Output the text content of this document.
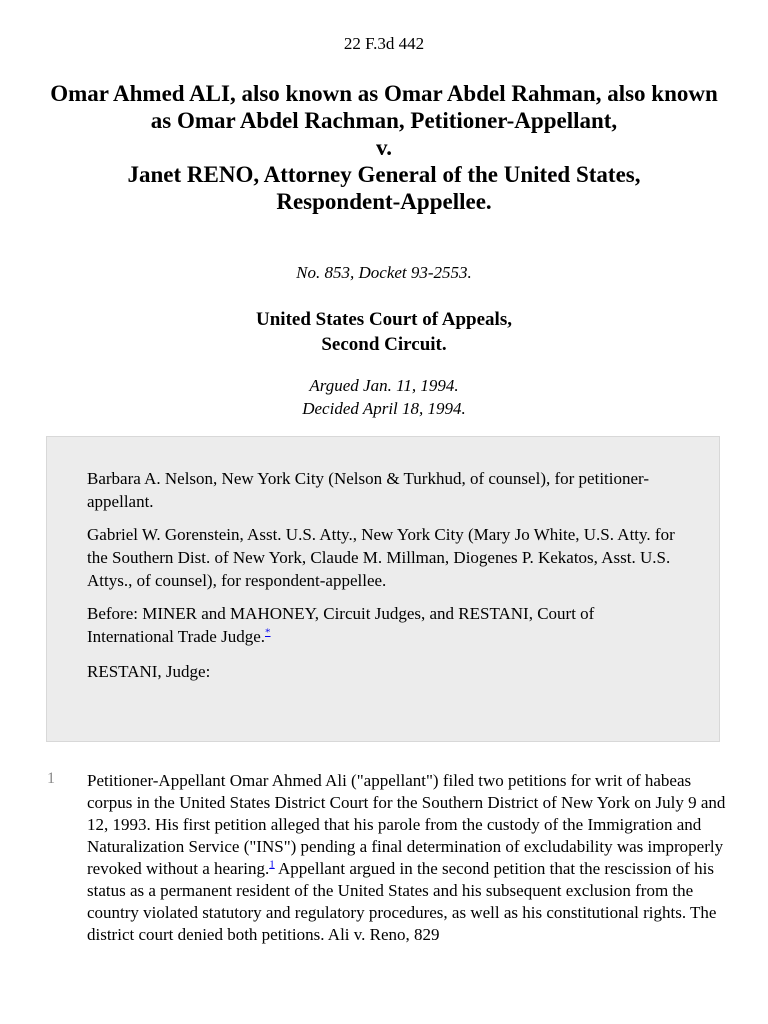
22 F.3d 442
Omar Ahmed ALI, also known as Omar Abdel Rahman, also known
as Omar Abdel Rachman, Petitioner-Appellant,
v.
Janet RENO, Attorney General of the United States,
Respondent-Appellee.
No. 853, Docket 93-2553.
United States Court of Appeals,
Second Circuit.
Argued Jan. 11, 1994.
Decided April 18, 1994.

Barbara A. Nelson, New York City (Nelson & Turkhud, of counsel), for petitioner-appellant.

Gabriel W. Gorenstein, Asst. U.S. Atty., New York City (Mary Jo White, U.S. Atty. for the Southern Dist. of New York, Claude M. Millman, Diogenes P. Kekatos, Asst. U.S. Attys., of counsel), for respondent-appellee.

Before: MINER and MAHONEY, Circuit Judges, and RESTANI, Court of International Trade Judge.*

RESTANI, Judge:

1 Petitioner-Appellant Omar Ahmed Ali ("appellant") filed two petitions for writ of habeas corpus in the United States District Court for the Southern District of New York on July 9 and 12, 1993. His first petition alleged that his parole from the custody of the Immigration and Naturalization Service ("INS") pending a final determination of excludability was improperly revoked without a hearing.$^1$ Appellant argued in the second petition that the rescission of his status as a permanent resident of the United States and his subsequent exclusion from the country violated statutory and regulatory procedures, as well as his constitutional rights. The district court denied both petitions. Ali v. Reno, 829
